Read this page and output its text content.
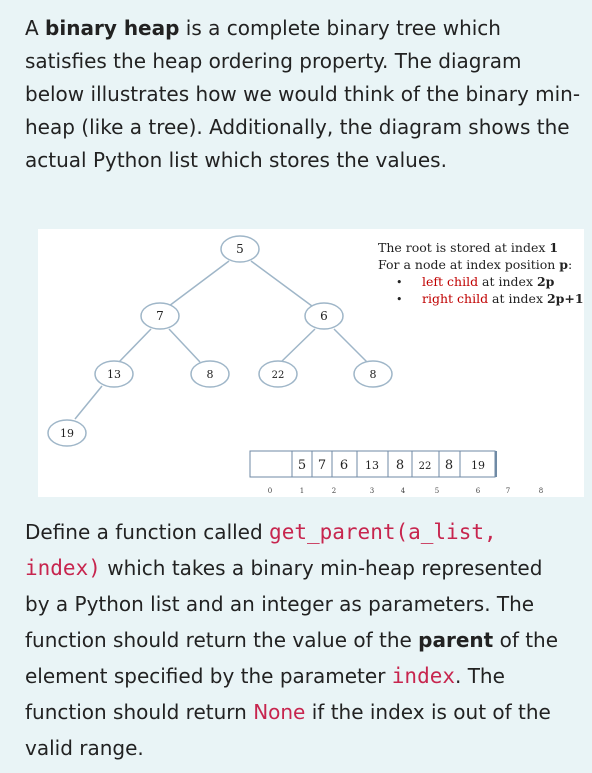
A binary heap is a complete binary tree which satisfies the heap ordering property. The diagram below illustrates how we would think of the binary min-heap (like a tree). Additionally, the diagram shows the actual Python list which stores the values.
5
7	6
13	8	22	8
19
The root is stored at index 1
For a node at index position p:
• left child at index 2p
• right child at index 2p+1
5 7 6 13 8 22 8 19
0	1	2	3	4	5	6	7	8
Define a function called get_parent(a_list, index) which takes a binary min-heap represented by a Python list and an integer as parameters. The function should return the value of the parent of the element specified by the parameter index. The function should return None if the index is out of the valid range.
